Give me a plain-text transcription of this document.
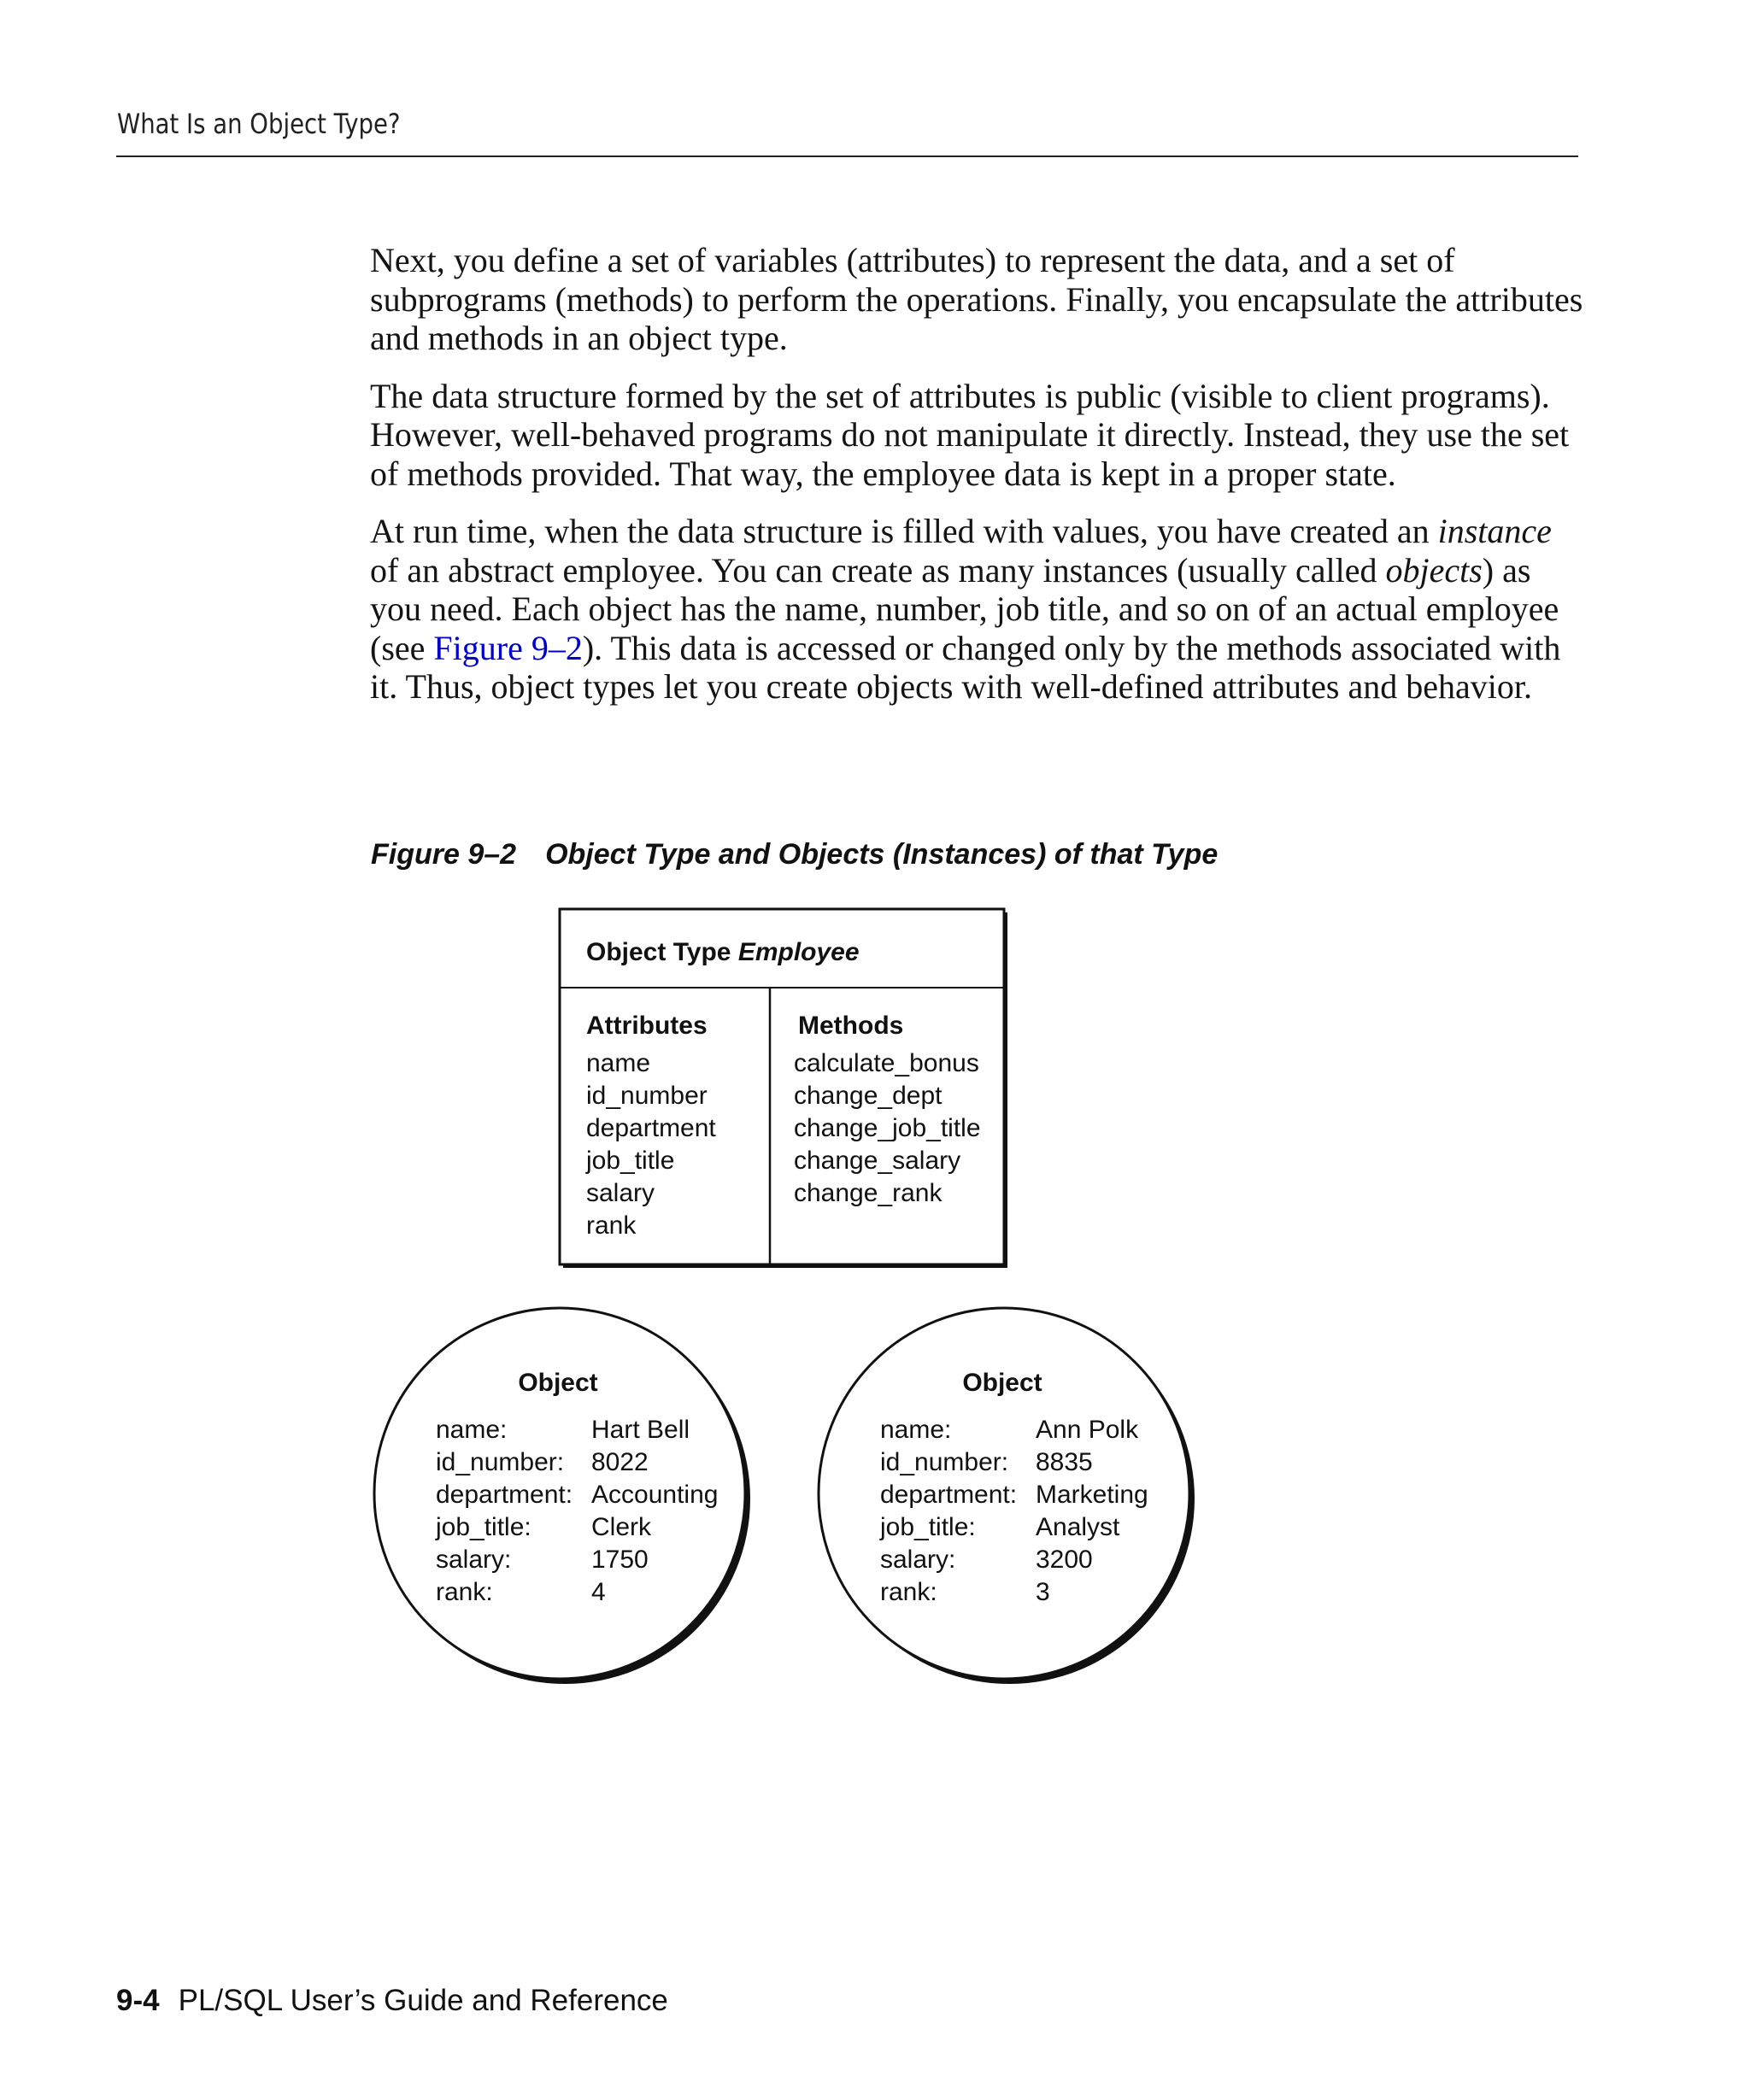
What Is an Object Type?

Next, you define a set of variables (attributes) to represent the data, and a set of subprograms (methods) to perform the operations. Finally, you encapsulate the attributes and methods in an object type.

The data structure formed by the set of attributes is public (visible to client programs). However, well-behaved programs do not manipulate it directly. Instead, they use the set of methods provided. That way, the employee data is kept in a proper state.

At run time, when the data structure is filled with values, you have created an instance of an abstract employee. You can create as many instances (usually called objects) as you need. Each object has the name, number, job title, and so on of an actual employee (see Figure 9–2). This data is accessed or changed only by the methods associated with it. Thus, object types let you create objects with well-defined attributes and behavior.

Figure 9–2 Object Type and Objects (Instances) of that Type
Object Type Employee
Attributes	Methods
name
id_number
department
job_title
salary
rank
calculate_bonus
change_dept
change_job_title
change_salary
change_rank
Object	Object
name:	Hart Bell
id_number: 8022
department: Accounting
job_title: Clerk
salary:	1750
rank:	4
name:	Ann Polk
id_number: 8835
department: Marketing
job_title: Analyst
salary:	3200
rank:	3
9-4 PL/SQL User’s Guide and Reference
